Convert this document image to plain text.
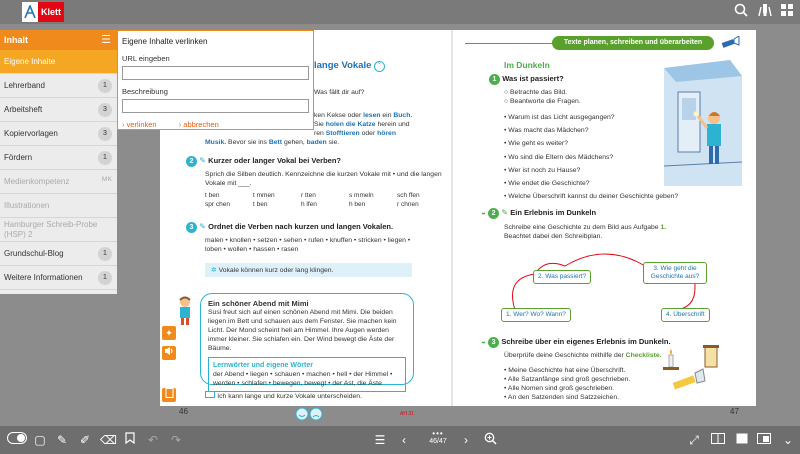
Klett
lange Vokale ˘
Was fällt dir auf?
ken Kekse oder lesen ein Buch.
Sie holen die Katze herein und
ren Stofftieren oder hören
Musik. Bevor sie ins Bett gehen, baden sie.
2 ✎ Kurzer oder langer Vokal bei Verben?
Sprich die Silben deutlich. Kennzeichne die kurzen Vokale mit • und die langen Vokale mit ___.
t ben	t mmen	r tten	s mmeln	sch ffen
spr chen	t ben	h lfen	h ben	r chnen
3 ✎ Ordnet die Verben nach kurzen und langen Vokalen.
malen • knollen • setzen • sehen • rufen • knuffen • stricken • liegen • loben • wollen • hassen • rasen
✲ Vokale können kurz oder lang klingen.
Ein schöner Abend mit Mimi
Susi freut sich auf einen schönen Abend mit Mimi. Die beiden liegen im Bett und schauen aus dem Fenster. Sie machen kein Licht. Der Mond scheint hell am Himmel. Ihre Augen werden immer kleiner. Sie schlafen ein. Der Wind bewegt die Äste der Bäume.
Lernwörter und eigene Wörter
der Abend • liegen • schauen • machen • hell • der Himmel • werden • schlafen • bewegen, bewegt • der Ast, die Äste
Ich kann lange und kurze Vokale unterscheiden.
AH 31
46
✦
Texte planen, schreiben und überarbeiten
Im Dunkeln
1 Was ist passiert?
○ Betrachte das Bild.
○ Beantworte die Fragen.
• Warum ist das Licht ausgegangen?
• Was macht das Mädchen?
• Wie geht es weiter?
• Wo sind die Eltern des Mädchens?
• Wer ist noch zu Hause?
• Wie endet die Geschichte?
• Welche Überschrift kannst du deiner Geschichte geben?
◒ 2 ✎ Ein Erlebnis im Dunkeln
Schreibe eine Geschichte zu dem Bild aus Aufgabe 1.
Beachtet dabei den Schreibplan.
1. Wer? Wo? Wann?
2. Was passiert?
3. Wie geht die Geschichte aus?
4. Überschrift
◒ 3 Schreibe über ein eigenes Erlebnis im Dunkeln.
Überprüfe deine Geschichte mithilfe der Checkliste.
• Meine Geschichte hat eine Überschrift.
• Alle Satzanfänge sind groß geschrieben.
• Alle Nomen sind groß geschrieben.
• An den Satzenden sind Satzzeichen.
47
Inhalt	☰
Eigene Inhalte
Lehrerband	1
Arbeitsheft	3
Kopiervorlagen	3
Fördern	1
Medienkompetenz	MK
Illustrationen
Hamburger Schreib-Probe (HSP) 2
Grundschul-Blog	1
Weitere Informationen	1
Eigene Inhalte verlinken
URL eingeben
Beschreibung
› verlinken	› abbrechen
▢ ✎ ✐ ⌫	↶ ↷	☰	‹	•••
46/47	›	⤢	⌄
